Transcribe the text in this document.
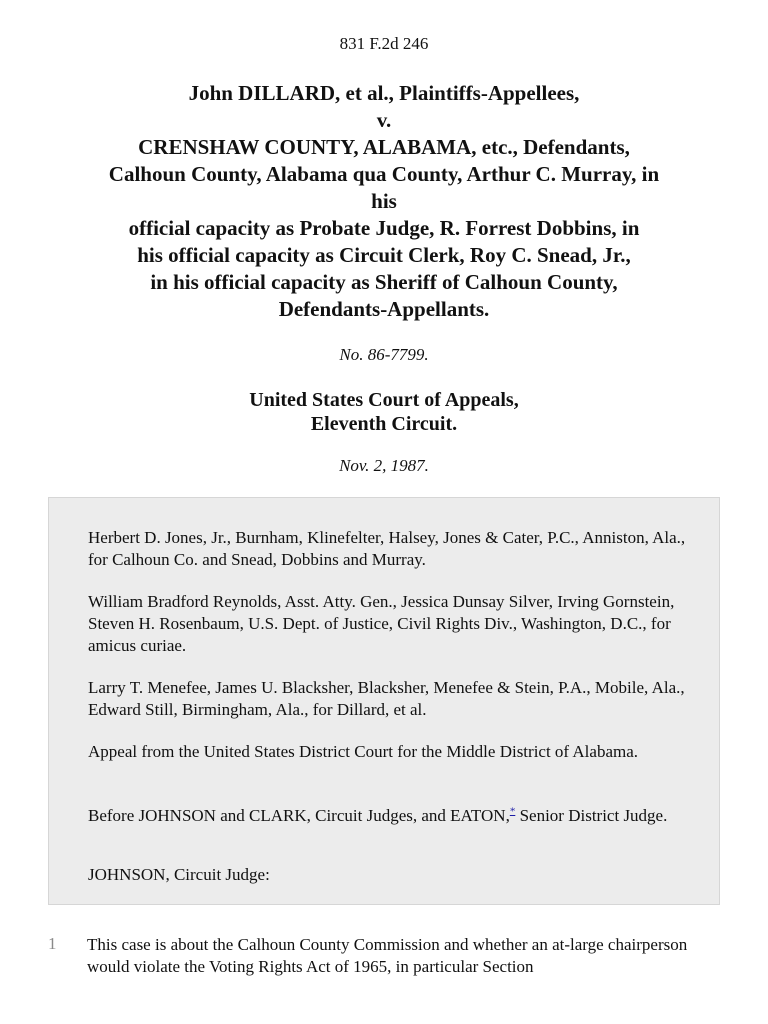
831 F.2d 246
John DILLARD, et al., Plaintiffs-Appellees,
v.
CRENSHAW COUNTY, ALABAMA, etc., Defendants,
Calhoun County, Alabama qua County, Arthur C. Murray, in
his
official capacity as Probate Judge, R. Forrest Dobbins, in
his official capacity as Circuit Clerk, Roy C. Snead, Jr.,
in his official capacity as Sheriff of Calhoun County,
Defendants-Appellants.
No. 86-7799.
United States Court of Appeals,
Eleventh Circuit.
Nov. 2, 1987.

Herbert D. Jones, Jr., Burnham, Klinefelter, Halsey, Jones & Cater, P.C., Anniston, Ala., for Calhoun Co. and Snead, Dobbins and Murray.

William Bradford Reynolds, Asst. Atty. Gen., Jessica Dunsay Silver, Irving Gornstein, Steven H. Rosenbaum, U.S. Dept. of Justice, Civil Rights Div., Washington, D.C., for amicus curiae.

Larry T. Menefee, James U. Blacksher, Blacksher, Menefee & Stein, P.A., Mobile, Ala., Edward Still, Birmingham, Ala., for Dillard, et al.

Appeal from the United States District Court for the Middle District of Alabama.

Before JOHNSON and CLARK, Circuit Judges, and EATON,* Senior District Judge.

JOHNSON, Circuit Judge:

1 This case is about the Calhoun County Commission and whether an at-large chairperson would violate the Voting Rights Act of 1965, in particular Section
